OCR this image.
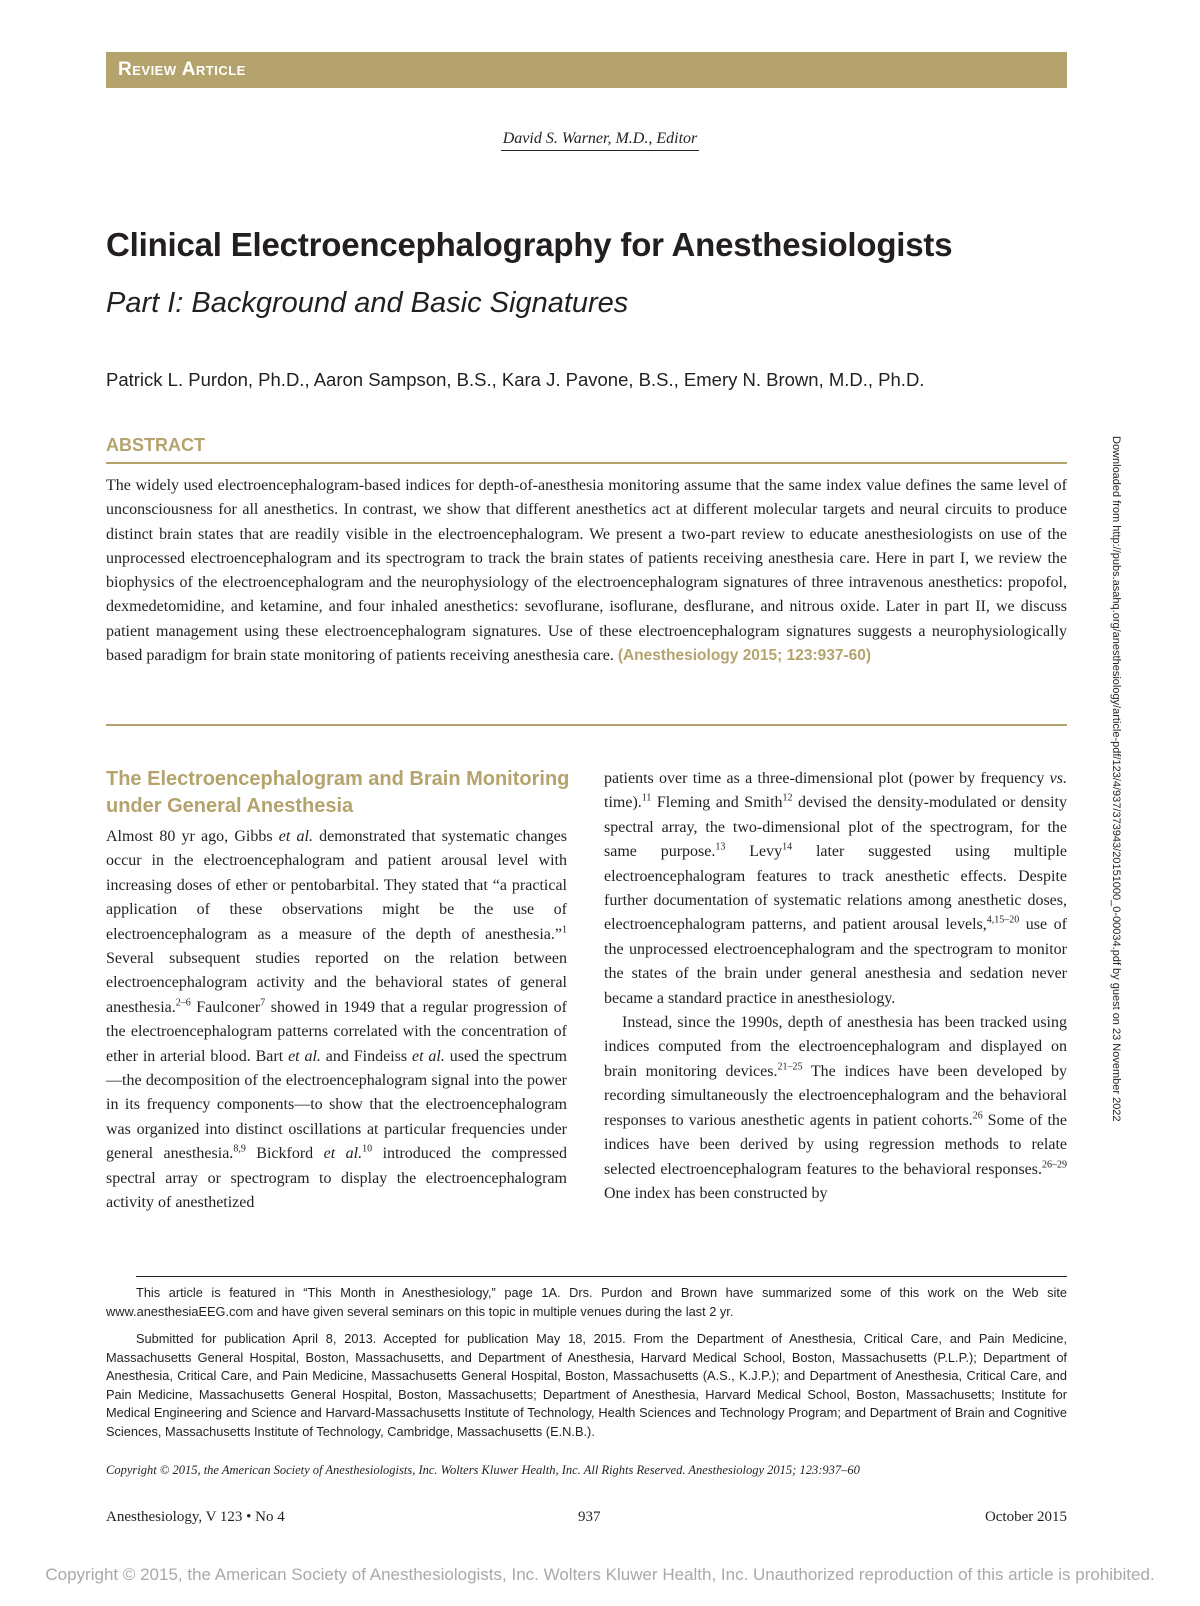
Review Article
David S. Warner, M.D., Editor
Clinical Electroencephalography for Anesthesiologists
Part I: Background and Basic Signatures
Patrick L. Purdon, Ph.D., Aaron Sampson, B.S., Kara J. Pavone, B.S., Emery N. Brown, M.D., Ph.D.
ABSTRACT
The widely used electroencephalogram-based indices for depth-of-anesthesia monitoring assume that the same index value defines the same level of unconsciousness for all anesthetics. In contrast, we show that different anesthetics act at different molecular targets and neural circuits to produce distinct brain states that are readily visible in the electroencephalogram. We present a two-part review to educate anesthesiologists on use of the unprocessed electroencephalogram and its spectrogram to track the brain states of patients receiving anesthesia care. Here in part I, we review the biophysics of the electroencephalogram and the neurophysiology of the electroencephalogram signatures of three intravenous anesthetics: propofol, dexmedetomidine, and ketamine, and four inhaled anesthetics: sevoflurane, isoflurane, desflurane, and nitrous oxide. Later in part II, we discuss patient management using these electroencephalogram signatures. Use of these electroencephalogram signatures suggests a neurophysiologically based paradigm for brain state monitoring of patients receiving anesthesia care. (Anesthesiology 2015; 123:937-60)
The Electroencephalogram and Brain Monitoring under General Anesthesia

Almost 80 yr ago, Gibbs et al. demonstrated that systematic changes occur in the electroencephalogram and patient arousal level with increasing doses of ether or pentobarbital. They stated that “a practical application of these observations might be the use of electroencephalogram as a measure of the depth of anesthesia.”$^1$ Several subsequent studies reported on the relation between electroencephalogram activity and the behavioral states of general anesthesia.$^{2-6}$ Faulconer$^7$ showed in 1949 that a regular progression of the electroencephalogram patterns correlated with the concentration of ether in arterial blood. Bart et al. and Findeiss et al. used the spectrum—the decomposition of the electroencephalogram signal into the power in its frequency components—to show that the electroencephalogram was organized into distinct oscillations at particular frequencies under general anesthesia.$^{8,9}$ Bickford et al.$^{10}$ introduced the compressed spectral array or spectrogram to display the electroencephalogram activity of anesthetized

patients over time as a three-dimensional plot (power by frequency vs. time).$^{11}$ Fleming and Smith$^{12}$ devised the density-modulated or density spectral array, the two-dimensional plot of the spectrogram, for the same purpose.$^{13}$ Levy$^{14}$ later suggested using multiple electroencephalogram features to track anesthetic effects. Despite further documentation of systematic relations among anesthetic doses, electroencephalogram patterns, and patient arousal levels,$^{4,15-20}$ use of the unprocessed electroencephalogram and the spectrogram to monitor the states of the brain under general anesthesia and sedation never became a standard practice in anesthesiology.

Instead, since the 1990s, depth of anesthesia has been tracked using indices computed from the electroencephalogram and displayed on brain monitoring devices.$^{21-25}$ The indices have been developed by recording simultaneously the electroencephalogram and the behavioral responses to various anesthetic agents in patient cohorts.$^{26}$ Some of the indices have been derived by using regression methods to relate selected electroencephalogram features to the behavioral responses.$^{26-29}$ One index has been constructed by

This article is featured in “This Month in Anesthesiology,” page 1A. Drs. Purdon and Brown have summarized some of this work on the Web site www.anesthesiaEEG.com and have given several seminars on this topic in multiple venues during the last 2 yr.
Submitted for publication April 8, 2013. Accepted for publication May 18, 2015. From the Department of Anesthesia, Critical Care, and Pain Medicine, Massachusetts General Hospital, Boston, Massachusetts, and Department of Anesthesia, Harvard Medical School, Boston, Massachusetts (P.L.P.); Department of Anesthesia, Critical Care, and Pain Medicine, Massachusetts General Hospital, Boston, Massachusetts (A.S., K.J.P.); and Department of Anesthesia, Critical Care, and Pain Medicine, Massachusetts General Hospital, Boston, Massachusetts; Department of Anesthesia, Harvard Medical School, Boston, Massachusetts; Institute for Medical Engineering and Science and Harvard-Massachusetts Institute of Technology, Health Sciences and Technology Program; and Department of Brain and Cognitive Sciences, Massachusetts Institute of Technology, Cambridge, Massachusetts (E.N.B.).
Copyright © 2015, the American Society of Anesthesiologists, Inc. Wolters Kluwer Health, Inc. All Rights Reserved. Anesthesiology 2015; 123:937–60
Anesthesiology, V 123 • No 4	937	October 2015
Copyright © 2015, the American Society of Anesthesiologists, Inc. Wolters Kluwer Health, Inc. Unauthorized reproduction of this article is prohibited.
Downloaded from http://pubs.asahq.org/anesthesiology/article-pdf/123/4/937/373943/20151000_0-00034.pdf by guest on 23 November 2022
